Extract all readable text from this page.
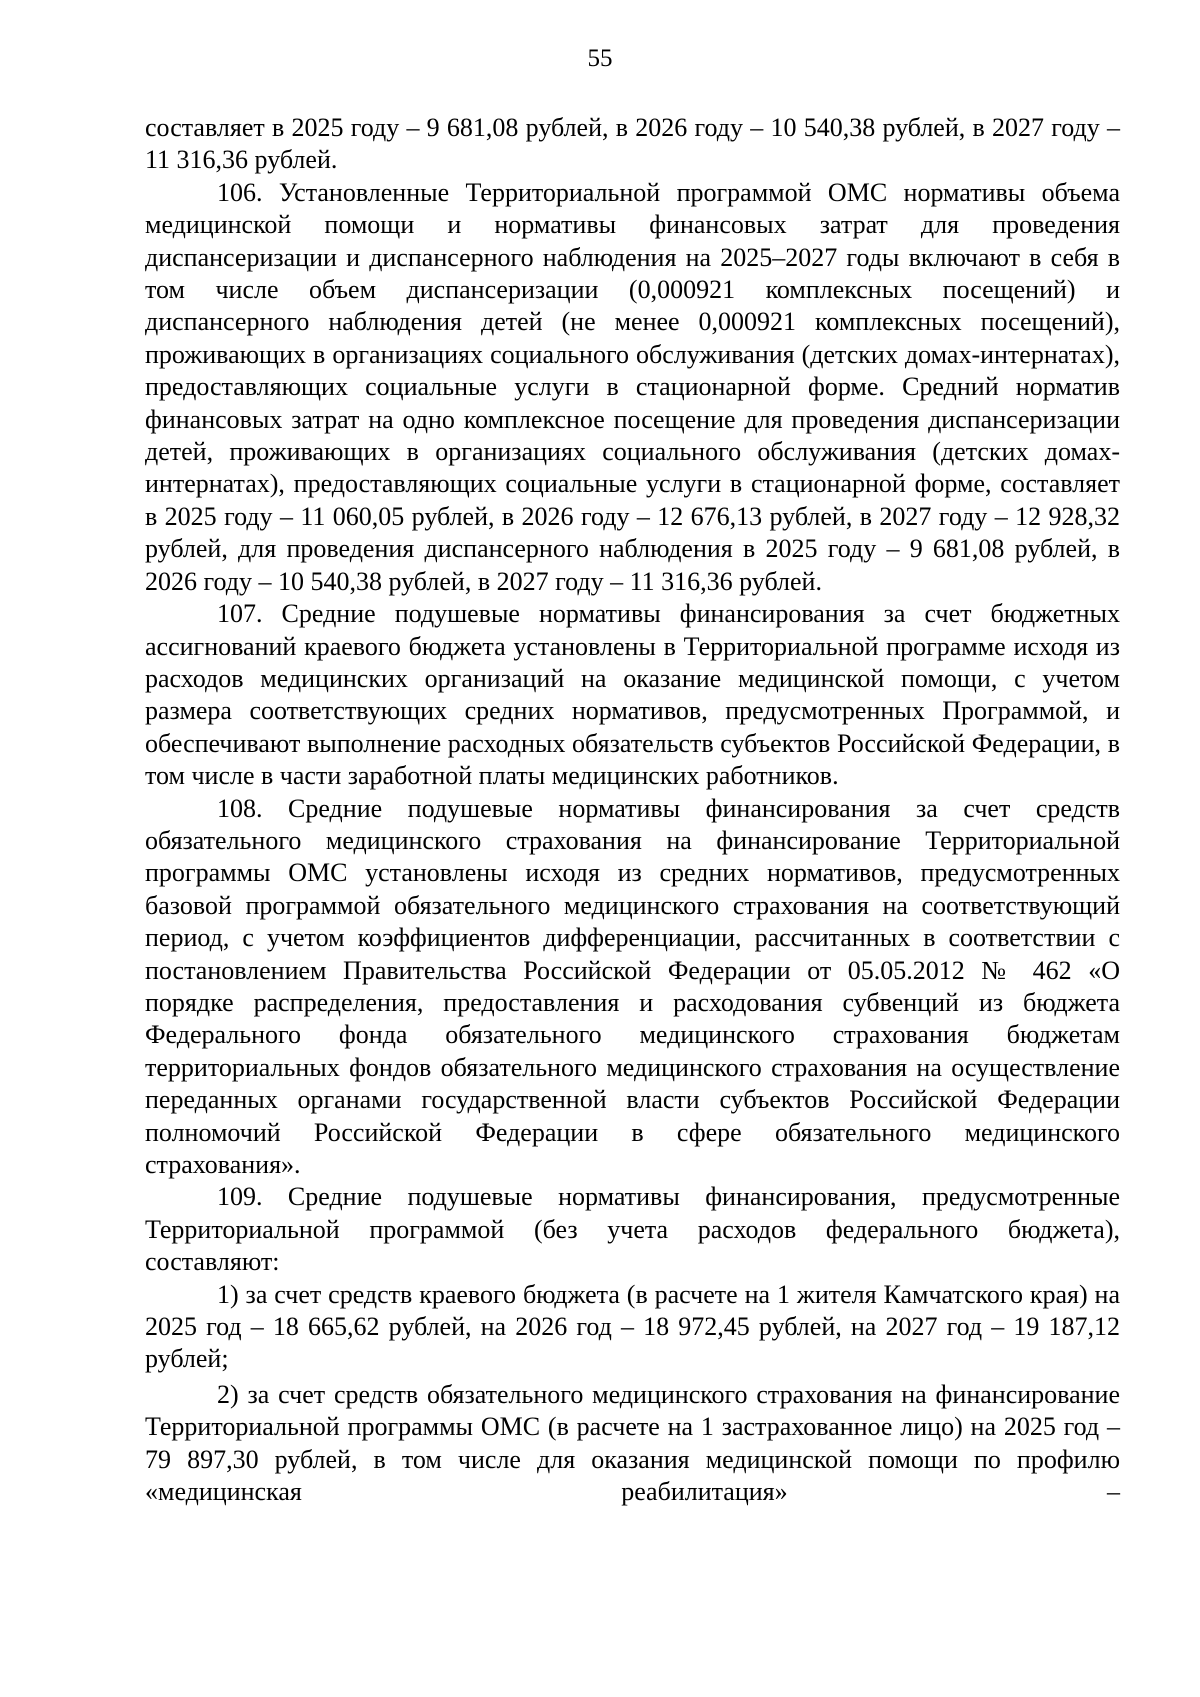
55

составляет в 2025 году – 9 681,08 рублей, в 2026 году – 10 540,38 рублей, в 2027 году – 11 316,36 рублей.

106. Установленные Территориальной программой ОМС нормативы объема медицинской помощи и нормативы финансовых затрат для проведения диспансеризации и диспансерного наблюдения на 2025–2027 годы включают в себя в том числе объем диспансеризации (0,000921 комплексных посещений) и диспансерного наблюдения детей (не менее 0,000921 комплексных посещений), проживающих в организациях социального обслуживания (детских домах-интернатах), предоставляющих социальные услуги в стационарной форме. Средний норматив финансовых затрат на одно комплексное посещение для проведения диспансеризации детей, проживающих в организациях социального обслуживания (детских домах-интернатах), предоставляющих социальные услуги в стационарной форме, составляет в 2025 году – 11 060,05 рублей, в 2026 году – 12 676,13 рублей, в 2027 году – 12 928,32 рублей, для проведения диспансерного наблюдения в 2025 году – 9 681,08 рублей, в 2026 году – 10 540,38 рублей, в 2027 году – 11 316,36 рублей.

107. Средние подушевые нормативы финансирования за счет бюджетных ассигнований краевого бюджета установлены в Территориальной программе исходя из расходов медицинских организаций на оказание медицинской помощи, с учетом размера соответствующих средних нормативов, предусмотренных Программой, и обеспечивают выполнение расходных обязательств субъектов Российской Федерации, в том числе в части заработной платы медицинских работников.

108. Средние подушевые нормативы финансирования за счет средств обязательного медицинского страхования на финансирование Территориальной программы ОМС установлены исходя из средних нормативов, предусмотренных базовой программой обязательного медицинского страхования на соответствующий период, с учетом коэффициентов дифференциации, рассчитанных в соответствии с постановлением Правительства Российской Федерации от 05.05.2012 № 462 «О порядке распределения, предоставления и расходования субвенций из бюджета Федерального фонда обязательного медицинского страхования бюджетам территориальных фондов обязательного медицинского страхования на осуществление переданных органами государственной власти субъектов Российской Федерации полномочий Российской Федерации в сфере обязательного медицинского страхования».

109. Средние подушевые нормативы финансирования, предусмотренные Территориальной программой (без учета расходов федерального бюджета), составляют:

1) за счет средств краевого бюджета (в расчете на 1 жителя Камчатского края) на 2025 год – 18 665,62 рублей, на 2026 год – 18 972,45 рублей, на 2027 год – 19 187,12 рублей;

2) за счет средств обязательного медицинского страхования на финансирование Территориальной программы ОМС (в расчете на 1 застрахованное лицо) на 2025 год – 79 897,30 рублей, в том числе для оказания медицинской помощи по профилю «медицинская реабилитация» –
